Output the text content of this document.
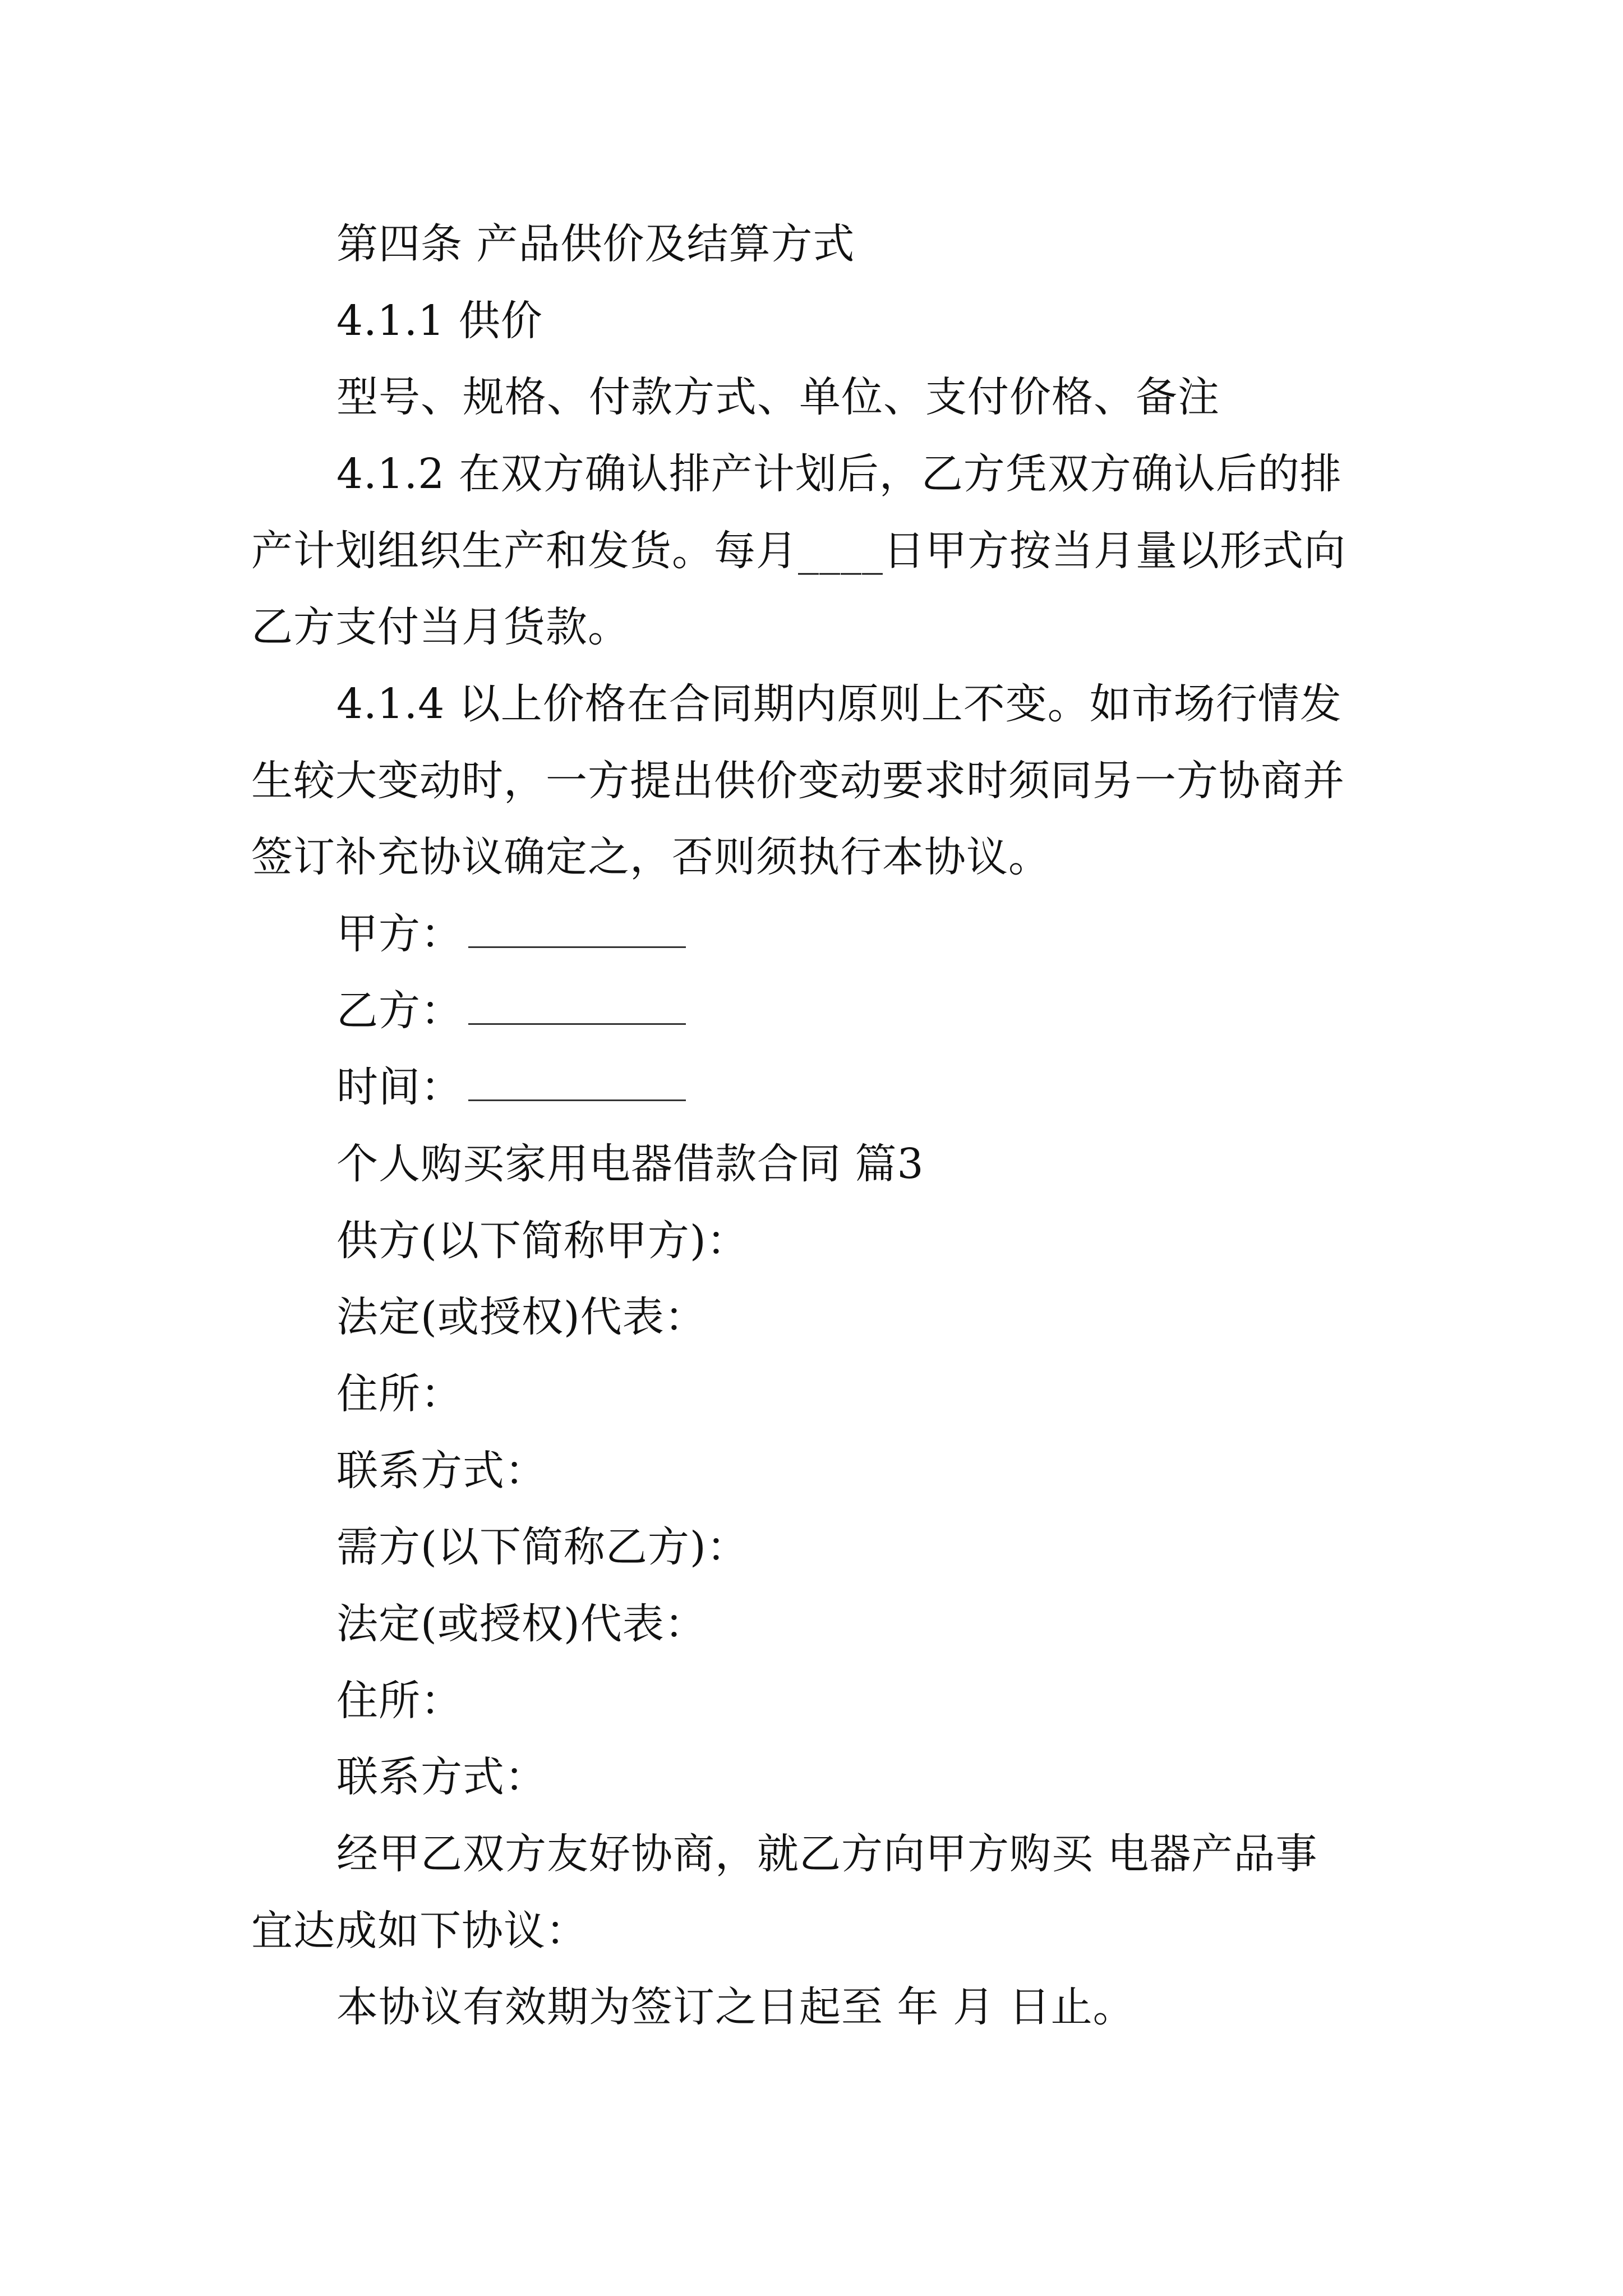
第四条 产品供价及结算方式
4.1.1 供价
型号、规格、付款方式、单位、支付价格、备注
4.1.2 在双方确认排产计划后，乙方凭双方确认后的排
产计划组织生产和发货。每月____日甲方按当月量以形式向
乙方支付当月货款。
4.1.4 以上价格在合同期内原则上不变。如市场行情发
生较大变动时，一方提出供价变动要求时须同另一方协商并
签订补充协议确定之，否则须执行本协议。
甲方：
乙方：
时间：
个人购买家用电器借款合同 篇3
供方(以下简称甲方)：
法定(或授权)代表：
住所：
联系方式：
需方(以下简称乙方)：
法定(或授权)代表：
住所：
联系方式：
经甲乙双方友好协商，就乙方向甲方购买 电器产品事
宜达成如下协议：
本协议有效期为签订之日起至 年 月 日止。
